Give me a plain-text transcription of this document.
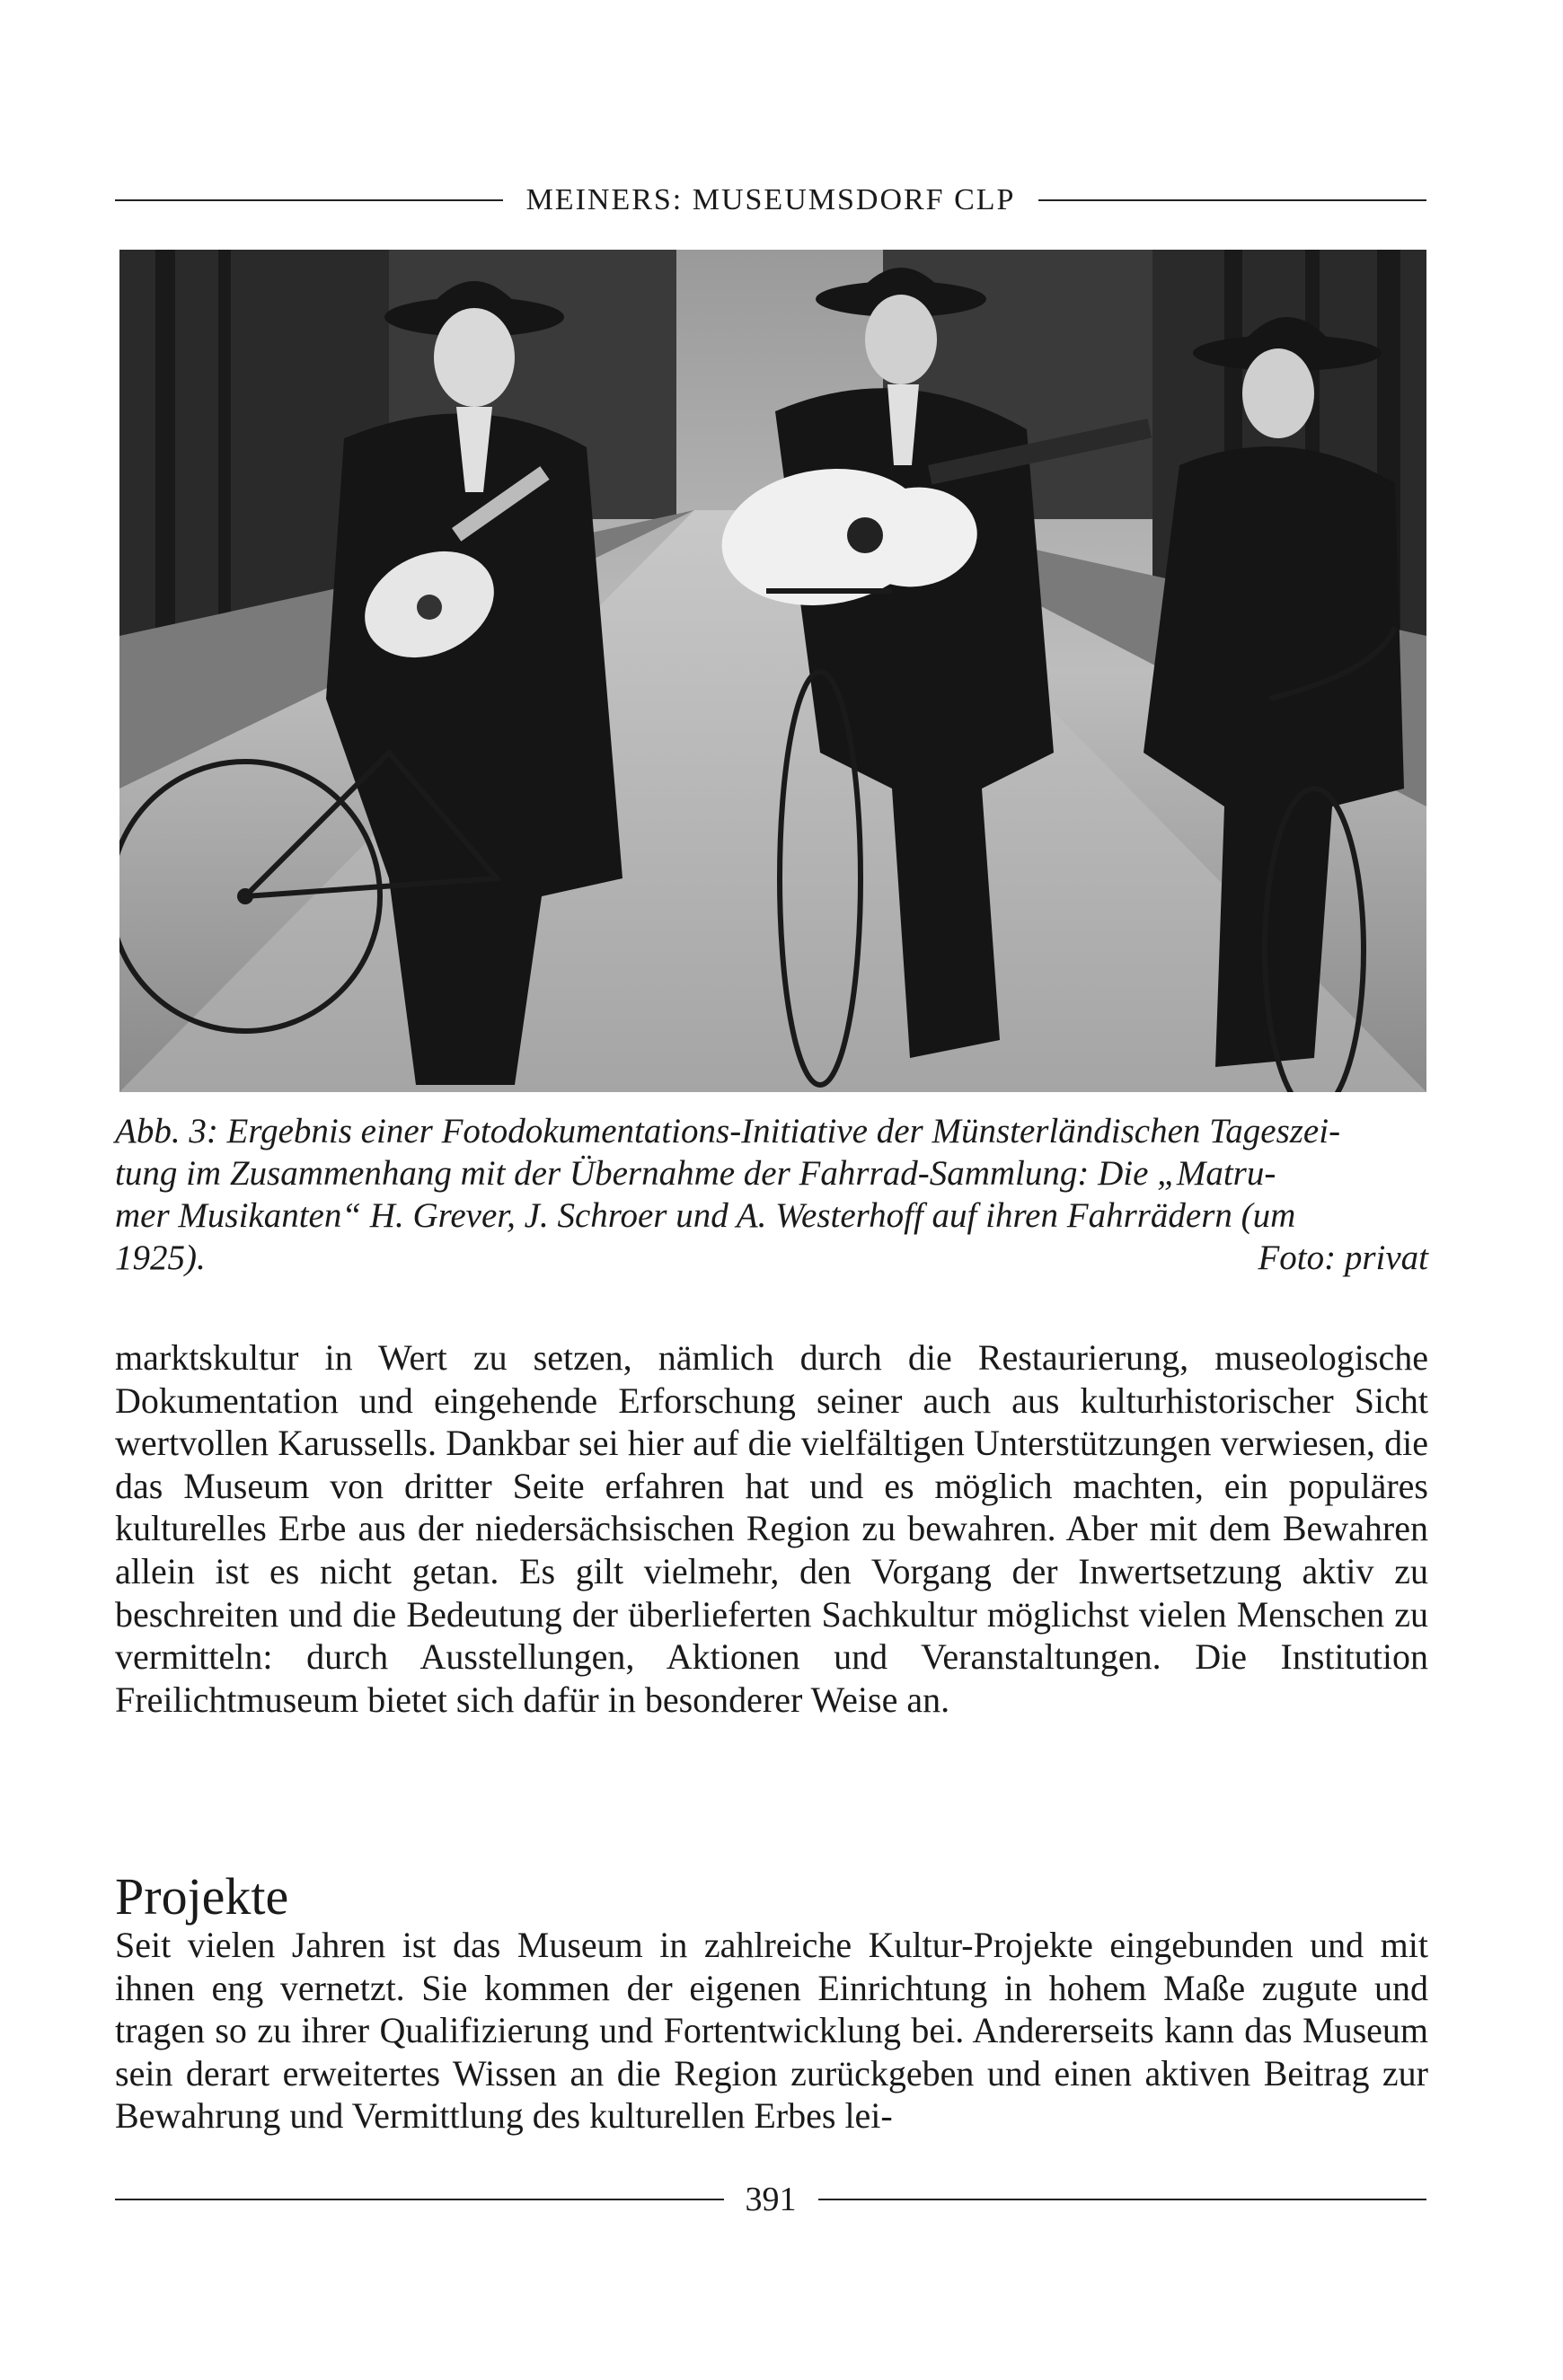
MEINERS: MUSEUMSDORF CLP
Abb. 3: Ergebnis einer Fotodokumentations-Initiative der Münsterländischen Tageszei-
tung im Zusammenhang mit der Übernahme der Fahrrad-Sammlung: Die „Matru-
mer Musikanten“ H. Grever, J. Schroer und A. Westerhoff auf ihren Fahrrädern (um
1925).	Foto: privat

marktskultur in Wert zu setzen, nämlich durch die Restaurierung, museologische Dokumentation und eingehende Erforschung seiner auch aus kulturhistorischer Sicht wertvollen Karussells. Dankbar sei hier auf die vielfältigen Unterstützungen verwiesen, die das Museum von dritter Seite erfahren hat und es möglich machten, ein populäres kulturelles Erbe aus der niedersächsischen Region zu bewahren. Aber mit dem Bewahren allein ist es nicht getan. Es gilt vielmehr, den Vorgang der Inwertsetzung aktiv zu beschreiten und die Bedeutung der überlieferten Sachkultur möglichst vielen Menschen zu vermitteln: durch Ausstellungen, Aktionen und Veranstaltungen. Die Institution Freilichtmuseum bietet sich dafür in besonderer Weise an.

Projekte

Seit vielen Jahren ist das Museum in zahlreiche Kultur-Projekte eingebunden und mit ihnen eng vernetzt. Sie kommen der eigenen Einrichtung in hohem Maße zugute und tragen so zu ihrer Qualifizierung und Fortentwicklung bei. Andererseits kann das Museum sein derart erweitertes Wissen an die Region zurückgeben und einen aktiven Beitrag zur Bewahrung und Vermittlung des kulturellen Erbes lei-

391
